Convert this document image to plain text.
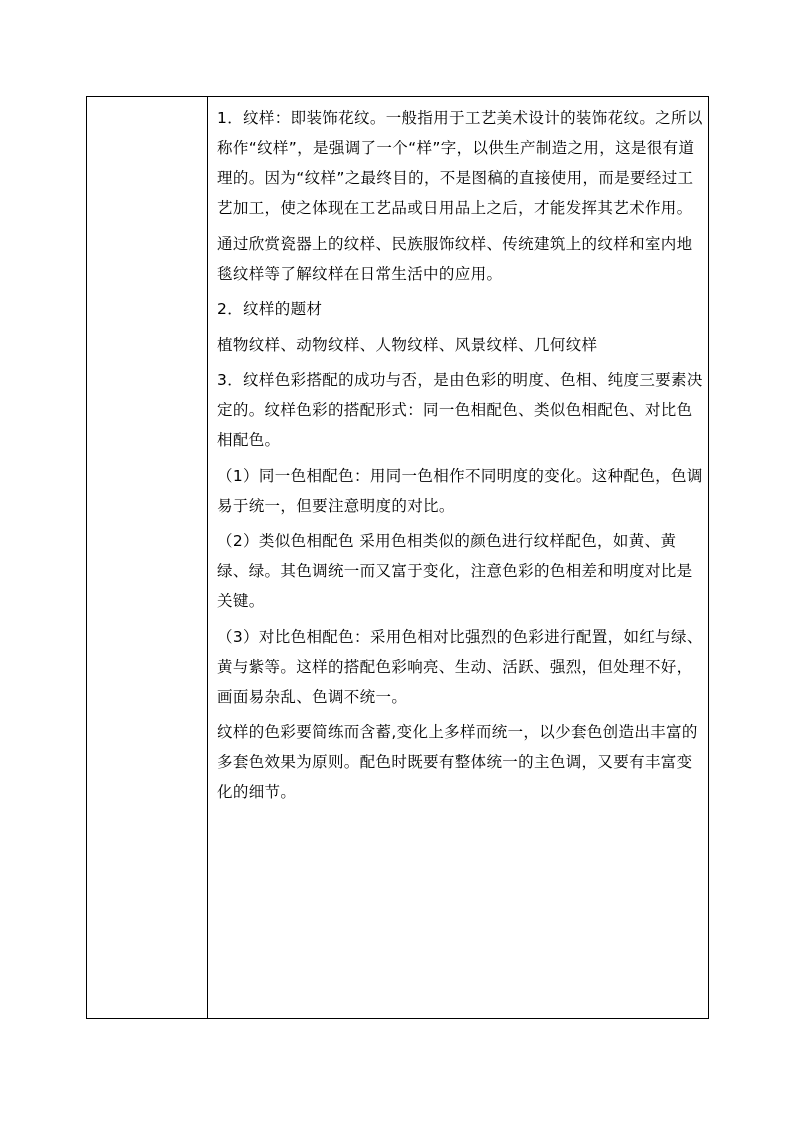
1．纹样：即装饰花纹。一般指用于工艺美术设计的装饰花纹。之所以称作“纹样”，是强调了一个“样”字，以供生产制造之用，这是很有道理的。因为“纹样”之最终目的，不是图稿的直接使用，而是要经过工艺加工，使之体现在工艺品或日用品上之后，才能发挥其艺术作用。

通过欣赏瓷器上的纹样、民族服饰纹样、传统建筑上的纹样和室内地毯纹样等了解纹样在日常生活中的应用。

2．纹样的题材

植物纹样、动物纹样、人物纹样、风景纹样、几何纹样

3．纹样色彩搭配的成功与否，是由色彩的明度、色相、纯度三要素决定的。纹样色彩的搭配形式：同一色相配色、类似色相配色、对比色相配色。

（1）同一色相配色：用同一色相作不同明度的变化。这种配色，色调易于统一，但要注意明度的对比。

（2）类似色相配色 采用色相类似的颜色进行纹样配色，如黄、黄绿、绿。其色调统一而又富于变化，注意色彩的色相差和明度对比是关键。

（3）对比色相配色：采用色相对比强烈的色彩进行配置，如红与绿、黄与紫等。这样的搭配色彩响亮、生动、活跃、强烈，但处理不好，画面易杂乱、色调不统一。

纹样的色彩要简练而含蓄,变化上多样而统一，以少套色创造出丰富的多套色效果为原则。配色时既要有整体统一的主色调，又要有丰富变化的细节。
